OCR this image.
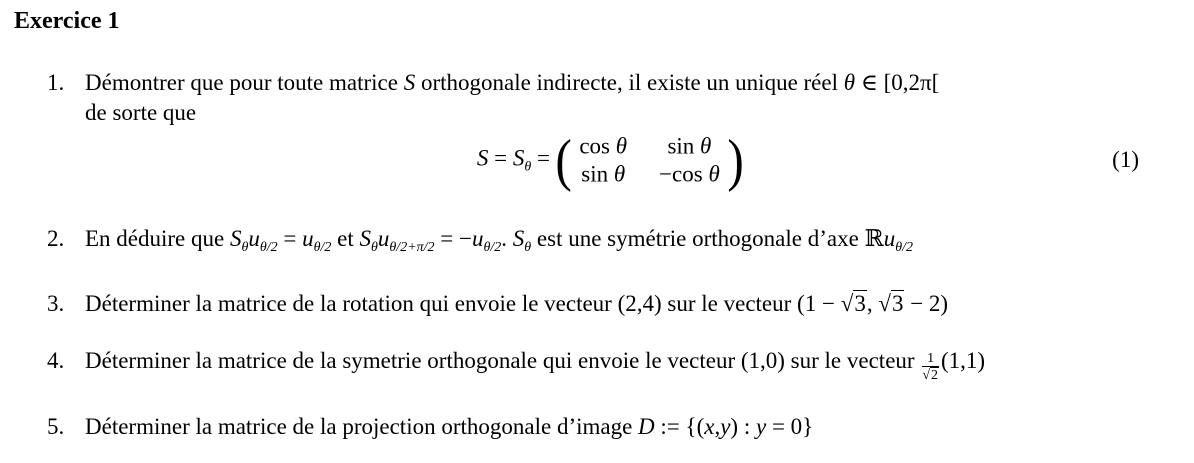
Exercice 1
1. Démontrer que pour toute matrice S orthogonale indirecte, il existe un unique réel θ ∈ [0,2π[
de sorte que
$S = S_\theta$ = ( cos θ	sin θ
sin θ −cos θ )	(1)
2. En déduire que $S_\theta u_{\theta/2} = u_{\theta/2}$ et $S_\theta u_{\theta/2+\pi/2} = -u_{\theta/2}$. $S_\theta$ est une symétrie orthogonale d’axe ℝu$_{\theta/2}$
3. Déterminer la matrice de la rotation qui envoie le vecteur (2,4) sur le vecteur (1 − √3, √3 − 2)
4. Déterminer la matrice de la symetrie orthogonale qui envoie le vecteur (1,0) sur le vecteur $\frac{1}{√2} (1,1)$
5. Déterminer la matrice de la projection orthogonale d’image D := {(x,y) : y = 0}
